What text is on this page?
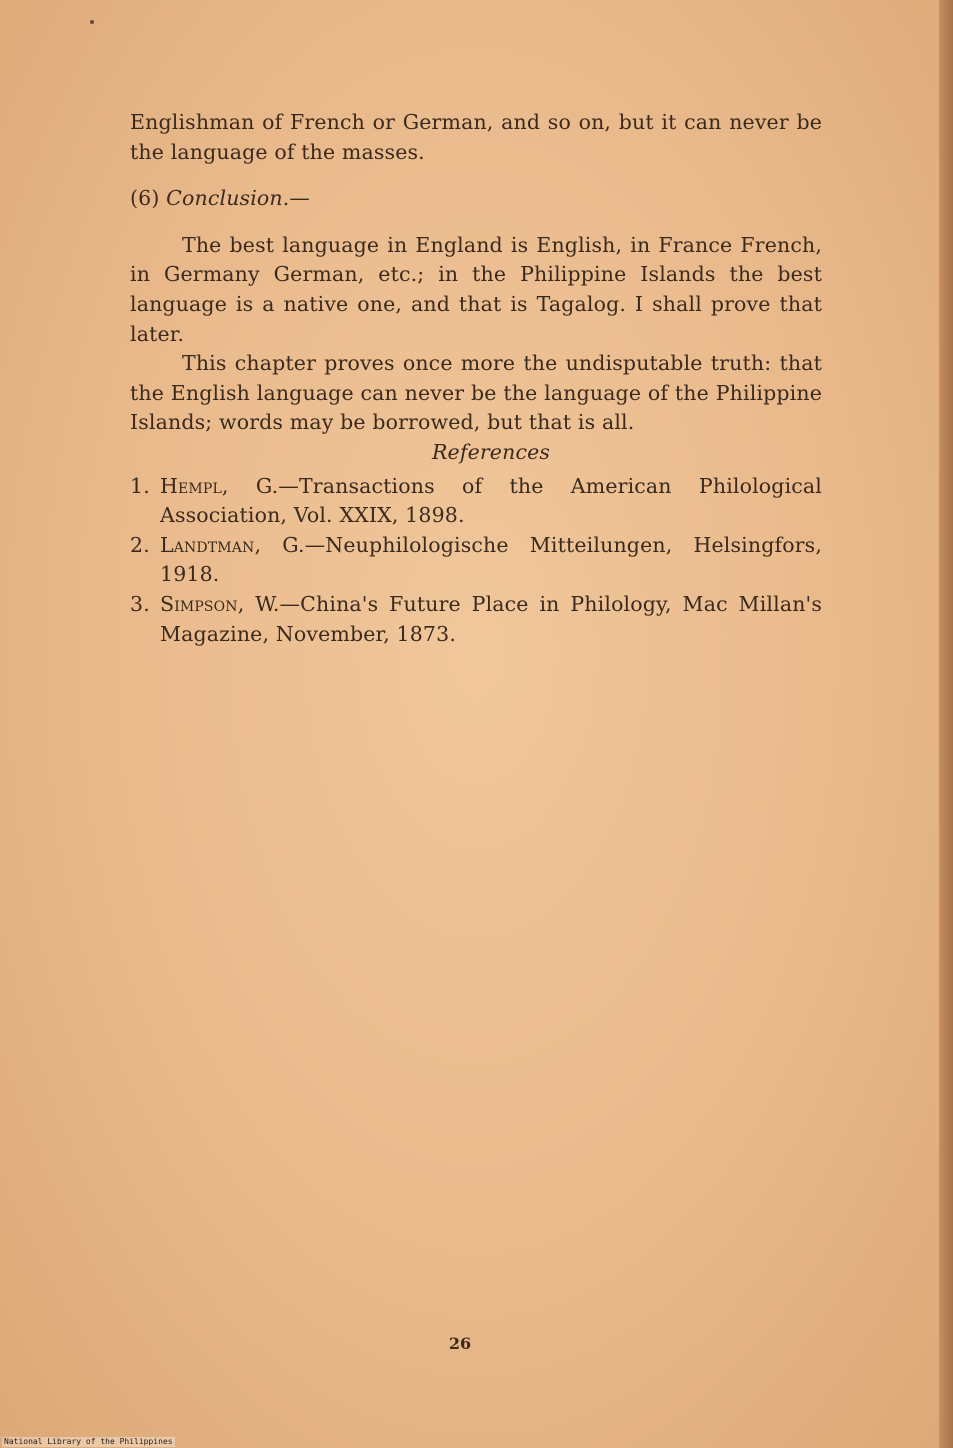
Englishman of French or German, and so on, but it can never be the language of the masses.

(6) Conclusion.—

The best language in England is English, in France French, in Germany German, etc.; in the Philippine Islands the best language is a native one, and that is Tagalog. I shall prove that later.

This chapter proves once more the undisputable truth: that the English language can never be the language of the Philippine Islands; words may be borrowed, but that is all.

References

1. Hempl, G.—Transactions of the American Philological Association, Vol. XXIX, 1898.
2. Landtman, G.—Neuphilologische Mitteilungen, Helsingfors, 1918.
3. Simpson, W.—China's Future Place in Philology, Mac Millan's Magazine, November, 1873.
26
National Library of the Philippines
